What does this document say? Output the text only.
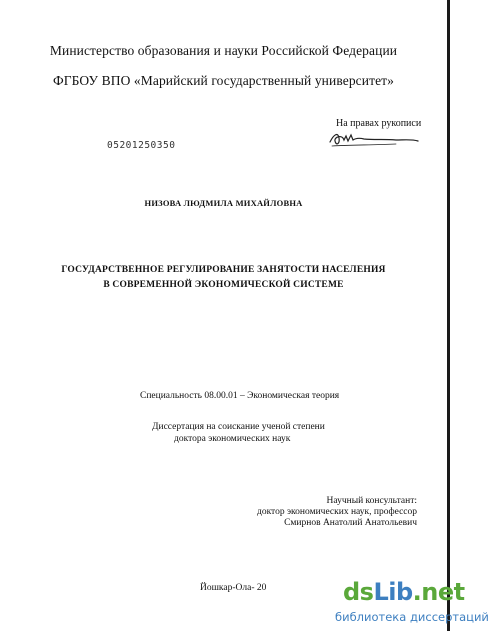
Министерство образования и науки Российской Федерации
ФГБОУ ВПО «Марийский государственный университет»
На правах рукописи
05201250350
НИЗОВА ЛЮДМИЛА МИХАЙЛОВНА
ГОСУДАРСТВЕННОЕ РЕГУЛИРОВАНИЕ ЗАНЯТОСТИ НАСЕЛЕНИЯ
В СОВРЕМЕННОЙ ЭКОНОМИЧЕСКОЙ СИСТЕМЕ
Специальность 08.00.01 – Экономическая теория
Диссертация на соискание ученой степени
доктора экономических наук
Научный консультант:
доктор экономических наук, профессор
Смирнов Анатолий Анатольевич
Йошкар-Ола- 20	dsLib.net
библиотека диссертаций
